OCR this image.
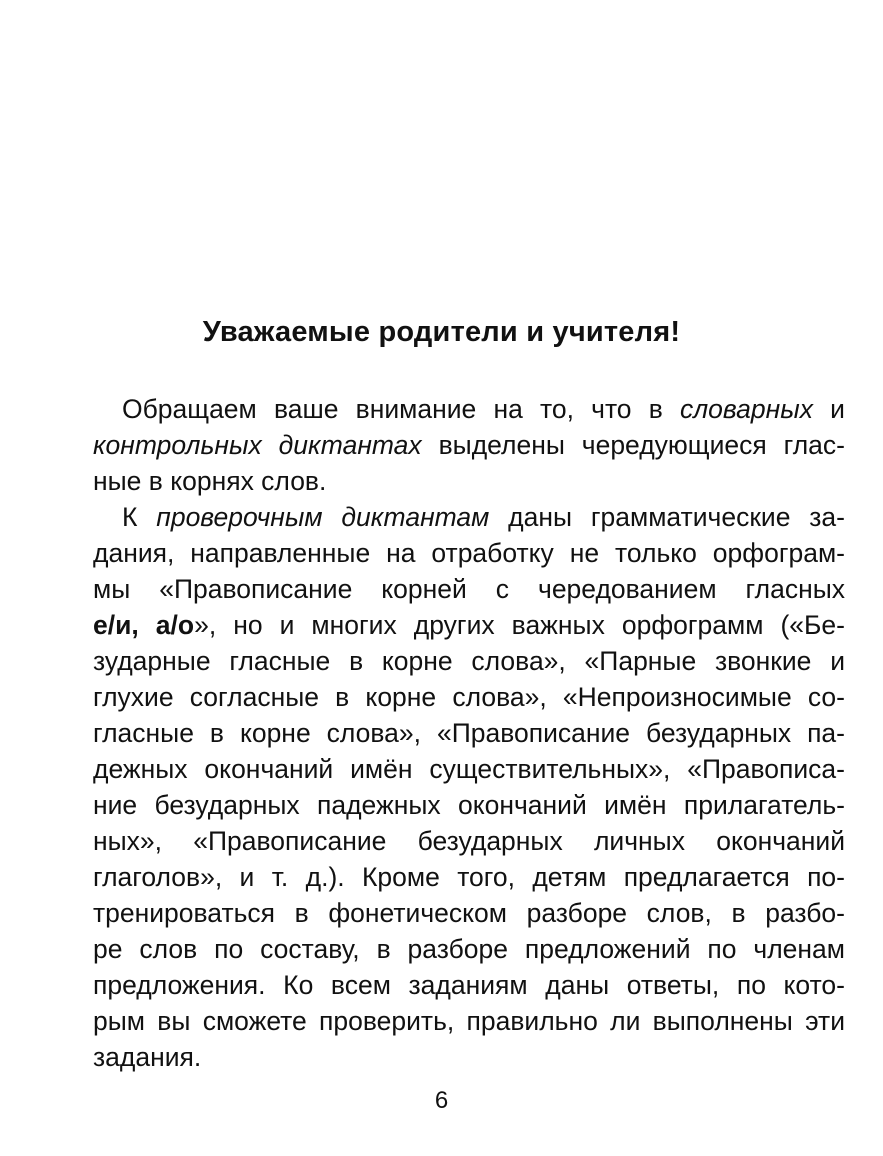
Уважаемые родители и учителя!
Обращаем ваше внимание на то, что в словарных и
контрольных диктантах выделены чередующиеся глас-
ные в корнях слов.
К проверочным диктантам даны грамматические за-
дания, направленные на отработку не только орфограм-
мы «Правописание корней с чередованием гласных
е/и, а/о», но и многих других важных орфограмм («Бе-
зударные гласные в корне слова», «Парные звонкие и
глухие согласные в корне слова», «Непроизносимые со-
гласные в корне слова», «Правописание безударных па-
дежных окончаний имён существительных», «Правописа-
ние безударных падежных окончаний имён прилагатель-
ных», «Правописание безударных личных окончаний
глаголов», и т. д.). Кроме того, детям предлагается по-
тренироваться в фонетическом разборе слов, в разбо-
ре слов по составу, в разборе предложений по членам
предложения. Ко всем заданиям даны ответы, по кото-
рым вы сможете проверить, правильно ли выполнены эти
задания.
6
